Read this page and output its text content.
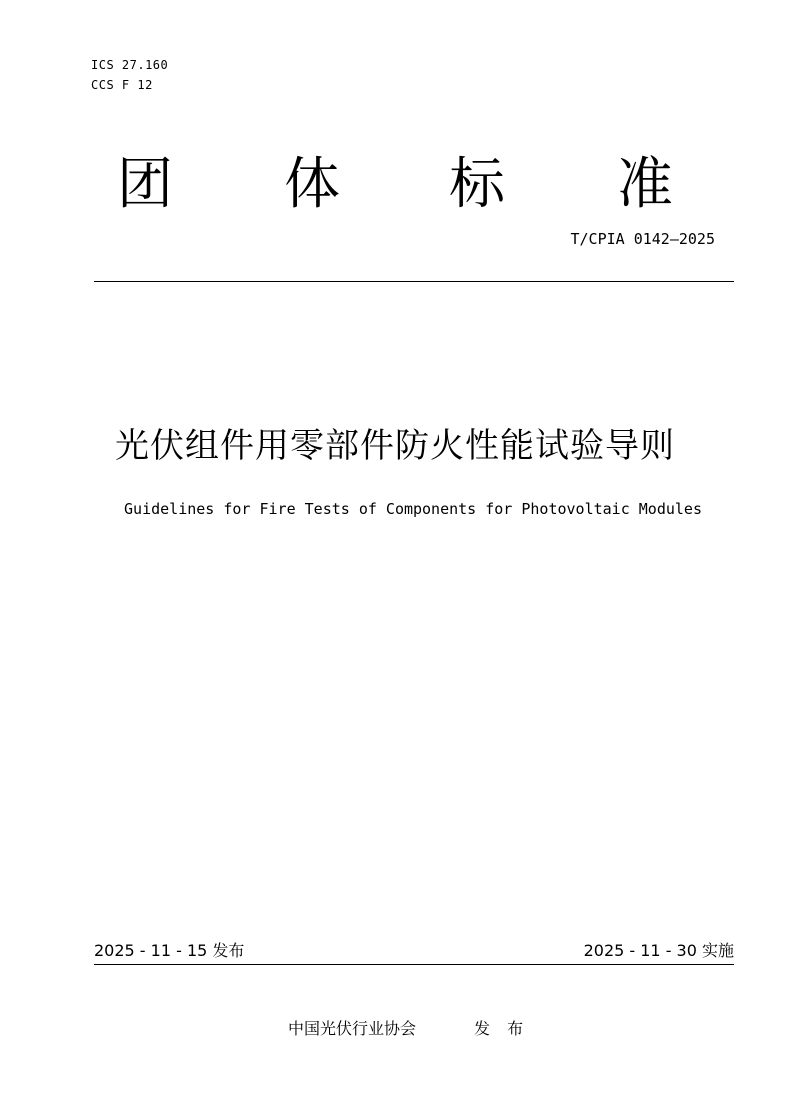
ICS 27.160
CCS F 12
团 体 标 准
T/CPIA 0142—2025
光伏组件用零部件防火性能试验导则
Guidelines for Fire Tests of Components for Photovoltaic Modules
2025 - 11 - 15 发布	2025 - 11 - 30 实施
中国光伏行业协会	发 布
